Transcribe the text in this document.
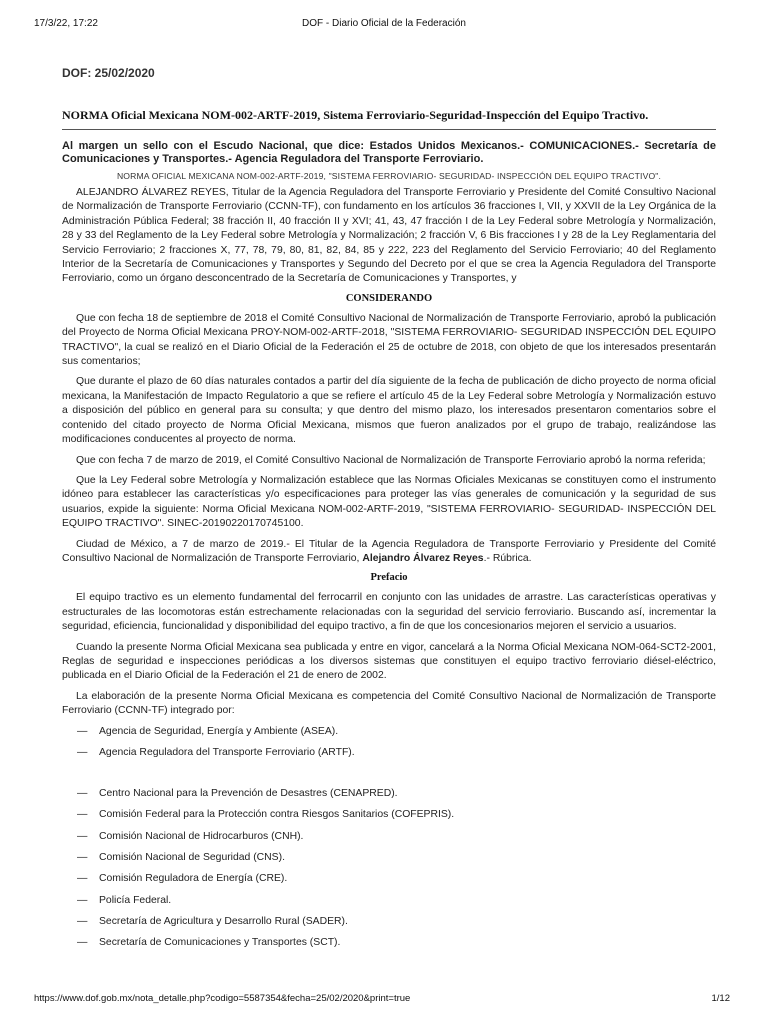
17/3/22, 17:22	DOF - Diario Oficial de la Federación
DOF: 25/02/2020
NORMA Oficial Mexicana NOM-002-ARTF-2019, Sistema Ferroviario-Seguridad-Inspección del Equipo Tractivo.
Al margen un sello con el Escudo Nacional, que dice: Estados Unidos Mexicanos.- COMUNICACIONES.- Secretaría de Comunicaciones y Transportes.- Agencia Reguladora del Transporte Ferroviario.
NORMA OFICIAL MEXICANA NOM-002-ARTF-2019, "SISTEMA FERROVIARIO- SEGURIDAD- INSPECCIÓN DEL EQUIPO TRACTIVO".

ALEJANDRO ÁLVAREZ REYES, Titular de la Agencia Reguladora del Transporte Ferroviario y Presidente del Comité Consultivo Nacional de Normalización de Transporte Ferroviario (CCNN-TF), con fundamento en los artículos 36 fracciones I, VII, y XXVII de la Ley Orgánica de la Administración Pública Federal; 38 fracción II, 40 fracción II y XVI; 41, 43, 47 fracción I de la Ley Federal sobre Metrología y Normalización, 28 y 33 del Reglamento de la Ley Federal sobre Metrología y Normalización; 2 fracción V, 6 Bis fracciones I y 28 de la Ley Reglamentaria del Servicio Ferroviario; 2 fracciones X, 77, 78, 79, 80, 81, 82, 84, 85 y 222, 223 del Reglamento del Servicio Ferroviario; 40 del Reglamento Interior de la Secretaría de Comunicaciones y Transportes y Segundo del Decreto por el que se crea la Agencia Reguladora del Transporte Ferroviario, como un órgano desconcentrado de la Secretaría de Comunicaciones y Transportes, y

CONSIDERANDO

Que con fecha 18 de septiembre de 2018 el Comité Consultivo Nacional de Normalización de Transporte Ferroviario, aprobó la publicación del Proyecto de Norma Oficial Mexicana PROY-NOM-002-ARTF-2018, "SISTEMA FERROVIARIO- SEGURIDAD INSPECCIÓN DEL EQUIPO TRACTIVO", la cual se realizó en el Diario Oficial de la Federación el 25 de octubre de 2018, con objeto de que los interesados presentarán sus comentarios;

Que durante el plazo de 60 días naturales contados a partir del día siguiente de la fecha de publicación de dicho proyecto de norma oficial mexicana, la Manifestación de Impacto Regulatorio a que se refiere el artículo 45 de la Ley Federal sobre Metrología y Normalización estuvo a disposición del público en general para su consulta; y que dentro del mismo plazo, los interesados presentaron comentarios sobre el contenido del citado proyecto de Norma Oficial Mexicana, mismos que fueron analizados por el grupo de trabajo, realizándose las modificaciones conducentes al proyecto de norma.

Que con fecha 7 de marzo de 2019, el Comité Consultivo Nacional de Normalización de Transporte Ferroviario aprobó la norma referida;

Que la Ley Federal sobre Metrología y Normalización establece que las Normas Oficiales Mexicanas se constituyen como el instrumento idóneo para establecer las características y/o especificaciones para proteger las vías generales de comunicación y la seguridad de sus usuarios, expide la siguiente: Norma Oficial Mexicana NOM-002-ARTF-2019, "SISTEMA FERROVIARIO- SEGURIDAD- INSPECCIÓN DEL EQUIPO TRACTIVO". SINEC-20190220170745100.

Ciudad de México, a 7 de marzo de 2019.- El Titular de la Agencia Reguladora de Transporte Ferroviario y Presidente del Comité Consultivo Nacional de Normalización de Transporte Ferroviario, Alejandro Álvarez Reyes.- Rúbrica.

Prefacio

El equipo tractivo es un elemento fundamental del ferrocarril en conjunto con las unidades de arrastre. Las características operativas y estructurales de las locomotoras están estrechamente relacionadas con la seguridad del servicio ferroviario. Buscando así, incrementar la seguridad, eficiencia, funcionalidad y disponibilidad del equipo tractivo, a fin de que los concesionarios mejoren el servicio a usuarios.

Cuando la presente Norma Oficial Mexicana sea publicada y entre en vigor, cancelará a la Norma Oficial Mexicana NOM-064-SCT2-2001, Reglas de seguridad e inspecciones periódicas a los diversos sistemas que constituyen el equipo tractivo ferroviario diésel-eléctrico, publicada en el Diario Oficial de la Federación el 21 de enero de 2002.

La elaboración de la presente Norma Oficial Mexicana es competencia del Comité Consultivo Nacional de Normalización de Transporte Ferroviario (CCNN-TF) integrado por:

— Agencia de Seguridad, Energía y Ambiente (ASEA).
— Agencia Reguladora del Transporte Ferroviario (ARTF).
— Centro Nacional para la Prevención de Desastres (CENAPRED).
— Comisión Federal para la Protección contra Riesgos Sanitarios (COFEPRIS).
— Comisión Nacional de Hidrocarburos (CNH).
— Comisión Nacional de Seguridad (CNS).
— Comisión Reguladora de Energía (CRE).
— Policía Federal.
— Secretaría de Agricultura y Desarrollo Rural (SADER).
— Secretaría de Comunicaciones y Transportes (SCT).
https://www.dof.gob.mx/nota_detalle.php?codigo=5587354&fecha=25/02/2020&print=true	1/12
